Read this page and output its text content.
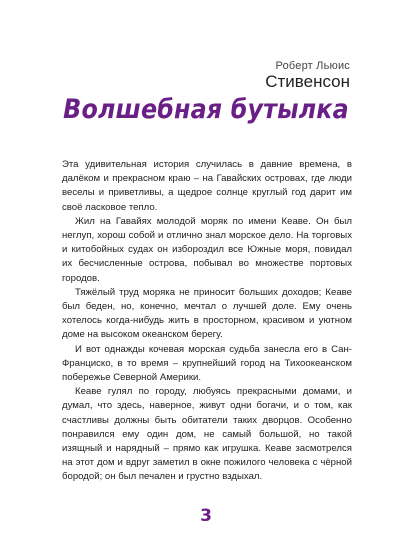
Роберт Льюис
Стивенсон
Волшебная бутылка

Эта удивительная история случилась в давние времена, в далёком и прекрасном краю – на Гавайских островах, где люди веселы и приветливы, а щедрое солнце круглый год дарит им своё ласковое тепло.

Жил на Гавайях молодой моряк по имени Кеаве. Он был неглуп, хорош собой и отлично знал морское дело. На торговых и китобойных судах он избороздил все Южные моря, повидал их бесчисленные острова, побывал во множестве портовых городов.

Тяжёлый труд моряка не приносит больших доходов; Кеаве был беден, но, конечно, мечтал о лучшей доле. Ему очень хотелось когда-нибудь жить в просторном, красивом и уютном доме на высоком океанском берегу.

И вот однажды кочевая морская судьба занесла его в Сан-Франциско, в то время – крупнейший город на Тихоокеанском побережье Северной Америки.

Кеаве гулял по городу, любуясь прекрасными домами, и думал, что здесь, наверное, живут одни богачи, и о том, как счастливы должны быть обитатели таких дворцов. Особенно понравился ему один дом, не самый большой, но такой изящный и нарядный – прямо как игрушка. Кеаве засмотрелся на этот дом и вдруг заметил в окне пожилого человека с чёрной бородой; он был печален и грустно вздыхал.

3
